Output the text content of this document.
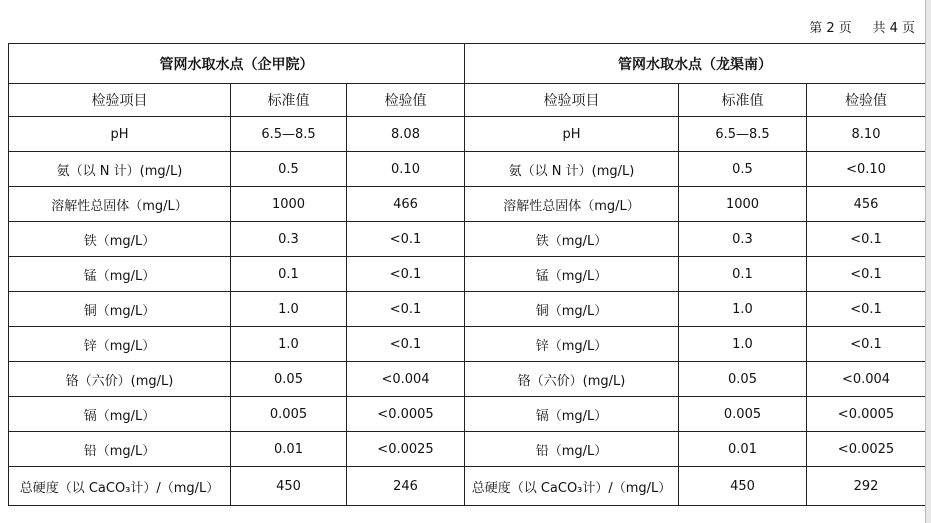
第 2 页     共 4 页
管网水取水点（企甲院）			管网水取水点（龙渠南）		
检验项目	标准值	检验值	检验项目	标准值	检验值
pH	6.5—8.5	8.08	pH	6.5—8.5	8.10
氨（以 N 计）(mg/L)	0.5	0.10	氨（以 N 计）(mg/L)	0.5	<0.10
溶解性总固体（mg/L）	1000	466	溶解性总固体（mg/L）	1000	456
铁（mg/L）	0.3	<0.1	铁（mg/L）	0.3	<0.1
锰（mg/L）	0.1	<0.1	锰（mg/L）	0.1	<0.1
铜（mg/L）	1.0	<0.1	铜（mg/L）	1.0	<0.1
锌（mg/L）	1.0	<0.1	锌（mg/L）	1.0	<0.1
铬（六价）(mg/L)	0.05	<0.004	铬（六价）(mg/L)	0.05	<0.004
镉（mg/L）	0.005	<0.0005	镉（mg/L）	0.005	<0.0005
铅（mg/L）	0.01	<0.0025	铅（mg/L）	0.01	<0.0025
总硬度（以 CaCO₃计）/（mg/L）	450	246	总硬度（以 CaCO₃计）/（mg/L）	450	292
